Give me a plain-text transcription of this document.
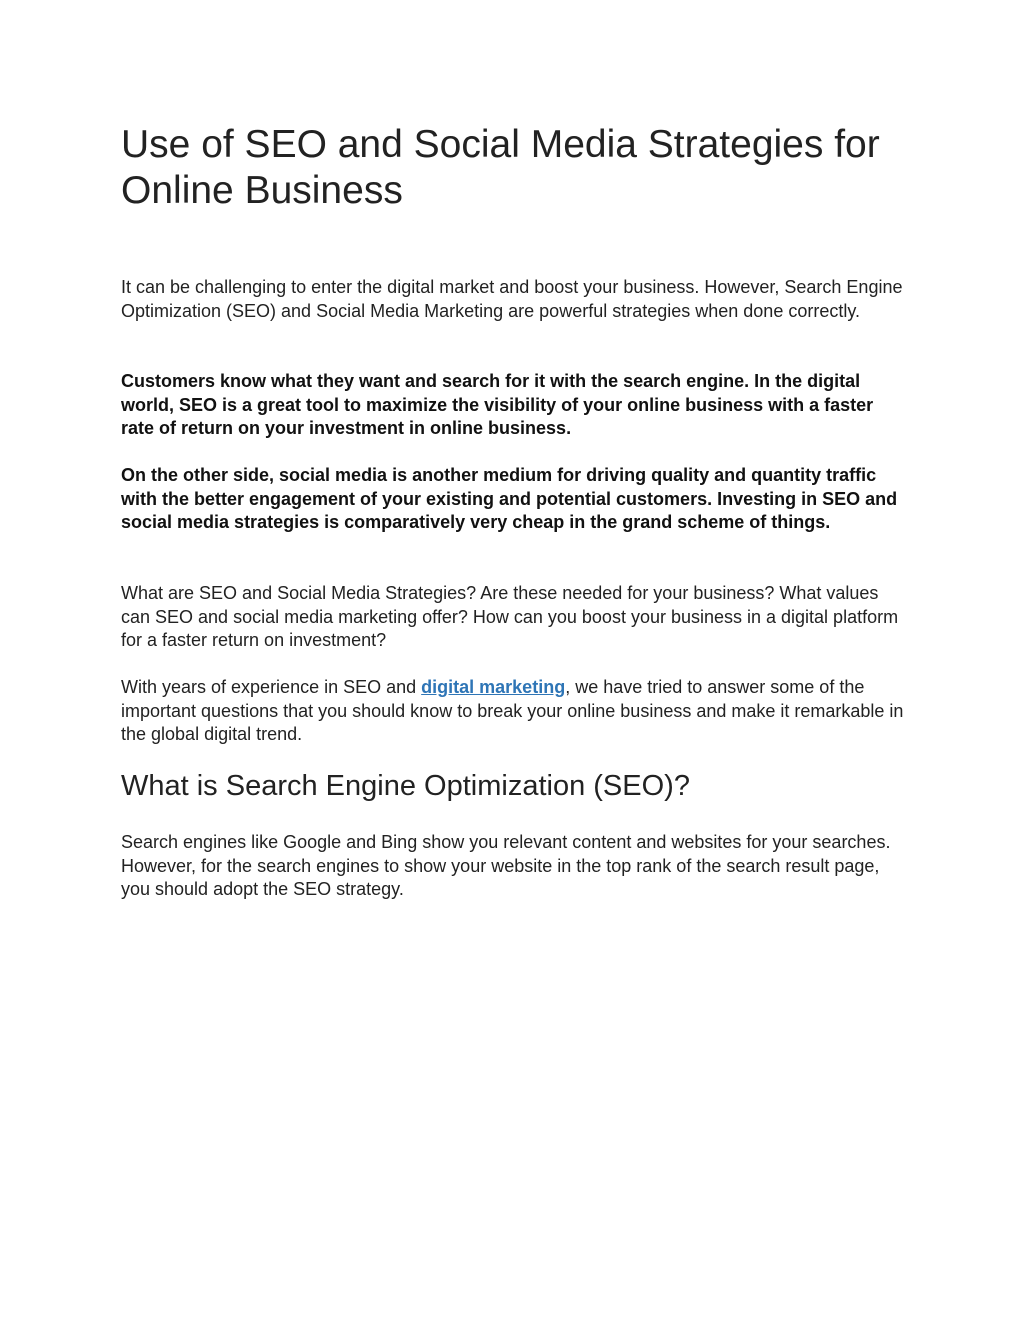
Use of SEO and Social Media Strategies for Online Business

It can be challenging to enter the digital market and boost your business. However, Search Engine Optimization (SEO) and Social Media Marketing are powerful strategies when done correctly.

Customers know what they want and search for it with the search engine. In the digital world, SEO is a great tool to maximize the visibility of your online business with a faster rate of return on your investment in online business.

On the other side, social media is another medium for driving quality and quantity traffic with the better engagement of your existing and potential customers. Investing in SEO and social media strategies is comparatively very cheap in the grand scheme of things.

What are SEO and Social Media Strategies? Are these needed for your business? What values can SEO and social media marketing offer? How can you boost your business in a digital platform for a faster return on investment?

With years of experience in SEO and digital marketing, we have tried to answer some of the important questions that you should know to break your online business and make it remarkable in the global digital trend.

What is Search Engine Optimization (SEO)?

Search engines like Google and Bing show you relevant content and websites for your searches. However, for the search engines to show your website in the top rank of the search result page, you should adopt the SEO strategy.
